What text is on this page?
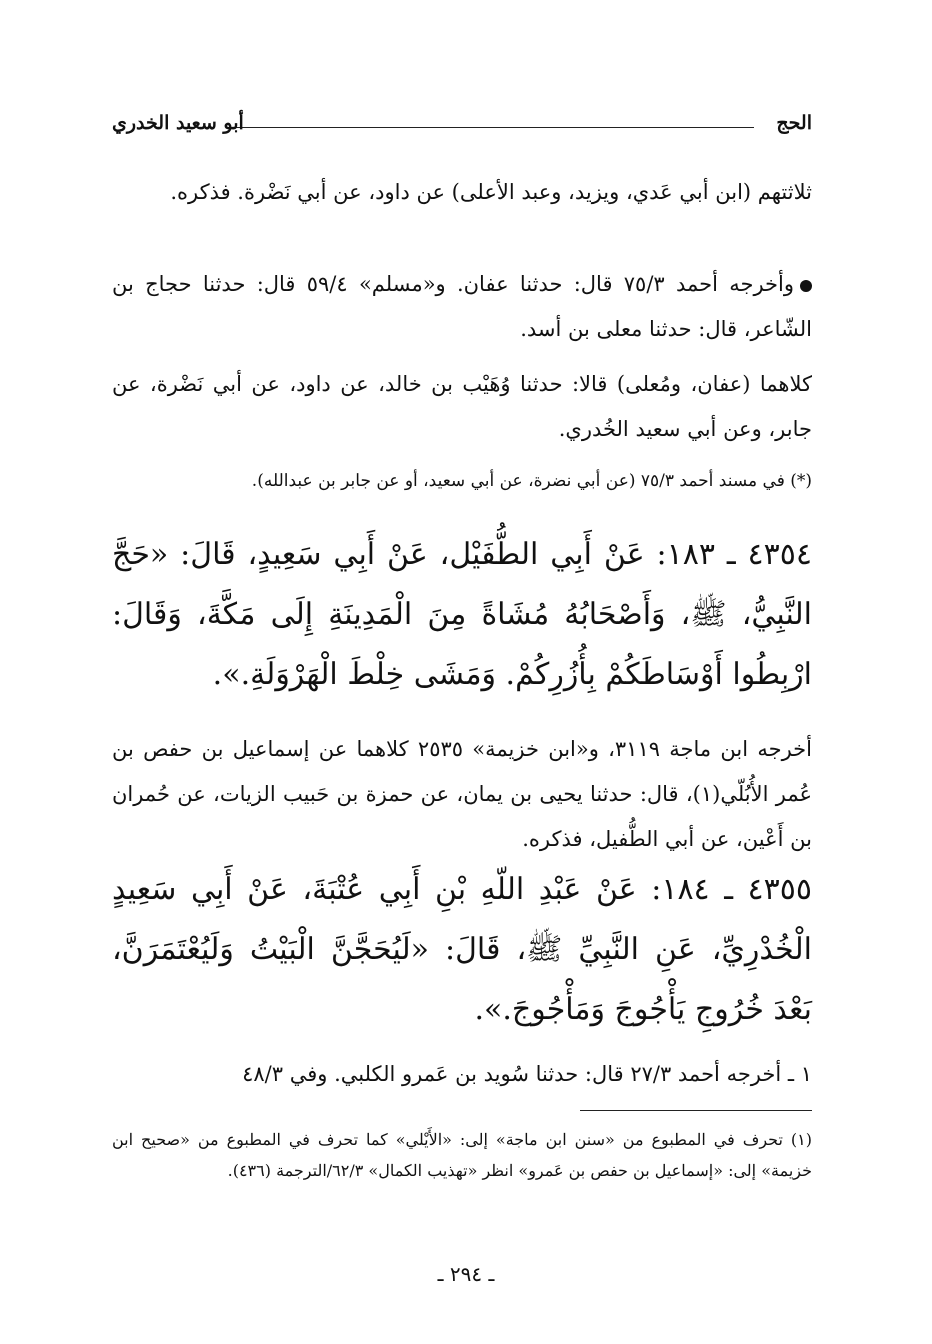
الحج
أبو سعيد الخدري
ثلاثتهم (ابن أبي عَدي، ويزيد، وعبد الأعلى) عن داود، عن أبي نَضْرة. فذكره.
وأخرجه أحمد ٧٥/٣ قال: حدثنا عفان. و«مسلم» ٥٩/٤ قال: حدثنا حجاج بن الشّاعر، قال: حدثنا معلى بن أسد.
كلاهما (عفان، ومُعلى) قالا: حدثنا وُهَيْب بن خالد، عن داود، عن أبي نَضْرة، عن جابر، وعن أبي سعيد الخُدري.
(*) في مسند أحمد ٧٥/٣ (عن أبي نضرة، عن أبي سعيد، أو عن جابر بن عبدالله).
٤٣٥٤ ـ ١٨٣: عَنْ أَبِي الطُّفَيْل، عَنْ أَبِي سَعِيدٍ، قَالَ: «حَجَّ النَّبِيُّ، ﷺ، وَأَصْحَابُهُ مُشَاةً مِنَ الْمَدِينَةِ إِلَى مَكَّةَ، وَقَالَ: ارْبِطُوا أَوْسَاطَكُمْ بِأُزُرِكُمْ. وَمَشَى خِلْطَ الْهَرْوَلَةِ.».
أخرجه ابن ماجة ٣١١٩، و«ابن خزيمة» ٢٥٣٥ كلاهما عن إسماعيل بن حفص بن عُمر الأُبُلّي(١)، قال: حدثنا يحيى بن يمان، عن حمزة بن حَبيب الزيات، عن حُمران بن أَعْين، عن أبي الطُّفيل، فذكره.
٤٣٥٥ ـ ١٨٤: عَنْ عَبْدِ اللّهِ بْنِ أَبِي عُتْبَةَ، عَنْ أَبِي سَعِيدٍ الْخُدْرِيِّ، عَنِ النَّبِيِّ ﷺ، قَالَ: «لَيُحَجَّنَّ الْبَيْتُ وَلَيُعْتَمَرَنَّ، بَعْدَ خُرُوجِ يَأْجُوجَ وَمَأْجُوجَ.».
١ ـ أخرجه أحمد ٢٧/٣ قال: حدثنا سُويد بن عَمرو الكلبي. وفي ٤٨/٣
(١) تحرف في المطبوع من «سنن ابن ماجة» إلى: «الأَيْلي» كما تحرف في المطبوع من «صحيح ابن خزيمة» إلى: «إسماعيل بن حفص بن عَمرو» انظر «تهذيب الكمال» ٦٢/٣/الترجمة (٤٣٦).
ـ ٢٩٤ ـ
